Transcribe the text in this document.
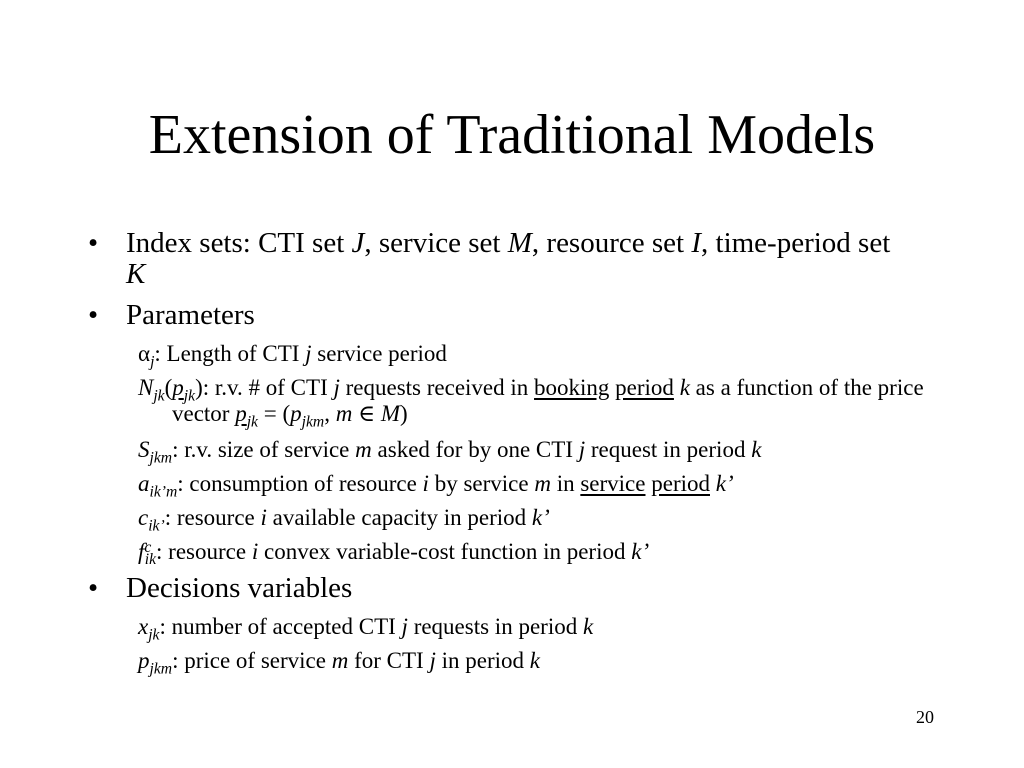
Extension of Traditional Models
• Index sets: CTI set J, service set M, resource set I, time-period set K
• Parameters
$\alpha_j$: Length of CTI j service period
$N_{jk}(p_{jk})$: r.v. # of CTI j requests received in booking period k as a function of the price vector $p_{jk} = (p_{jkm}$, m ∈ M)
$S_{jkm}$: r.v. size of service m asked for by one CTI j request in period k
$a_{ik’m}$: consumption of resource i by service m in service period k’
$c_{ik’}$: resource i available capacity in period k’
$f^c_{ik}$: resource i convex variable-cost function in period k’
• Decisions variables
$x_{jk}$: number of accepted CTI j requests in period k
$p_{jkm}$: price of service m for CTI j in period k
20
